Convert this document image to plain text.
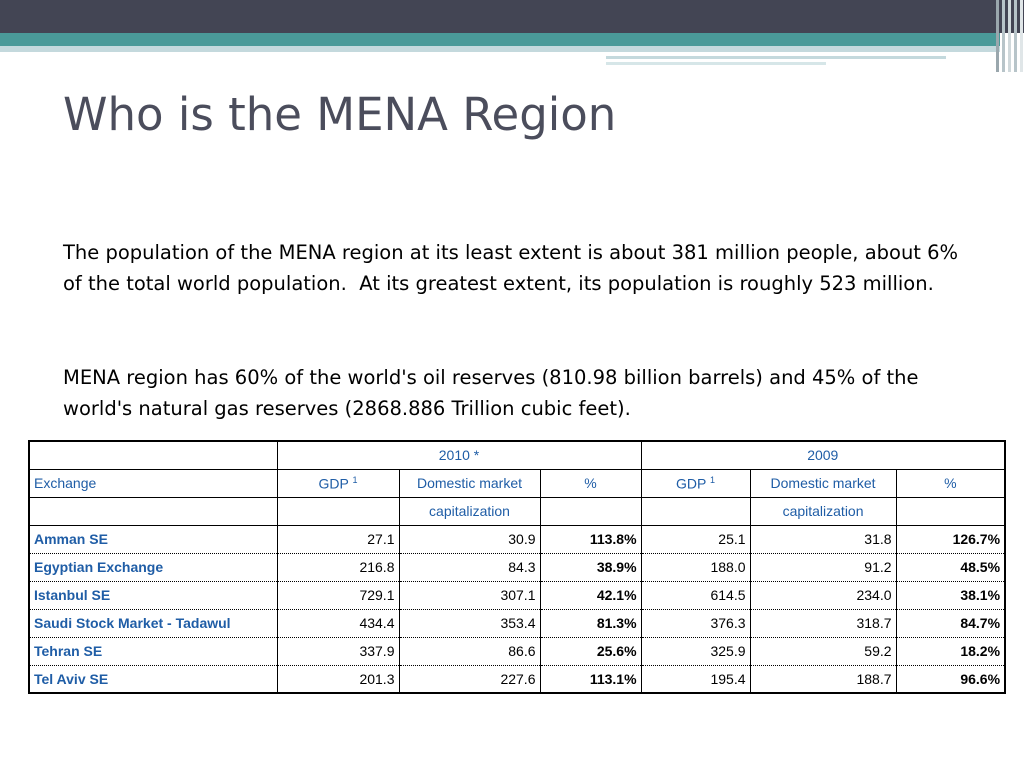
Who is the MENA Region

The population of the MENA region at its least extent is about 381 million people, about 6% of the total world population.  At its greatest extent, its population is roughly 523 million.

MENA region has 60% of the world's oil reserves (810.98 billion barrels) and 45% of the world's natural gas reserves (2868.886 Trillion cubic feet).

	2010 *			2009		
Exchange	GDP $^1$	Domestic market	%	GDP $^1$	Domestic market	%
		capitalization			capitalization	
Amman SE	27.1	30.9	113.8%	25.1	31.8	126.7%
Egyptian Exchange	216.8	84.3	38.9%	188.0	91.2	48.5%
Istanbul SE	729.1	307.1	42.1%	614.5	234.0	38.1%
Saudi Stock Market - Tadawul	434.4	353.4	81.3%	376.3	318.7	84.7%
Tehran SE	337.9	86.6	25.6%	325.9	59.2	18.2%
Tel Aviv SE	201.3	227.6	113.1%	195.4	188.7	96.6%
